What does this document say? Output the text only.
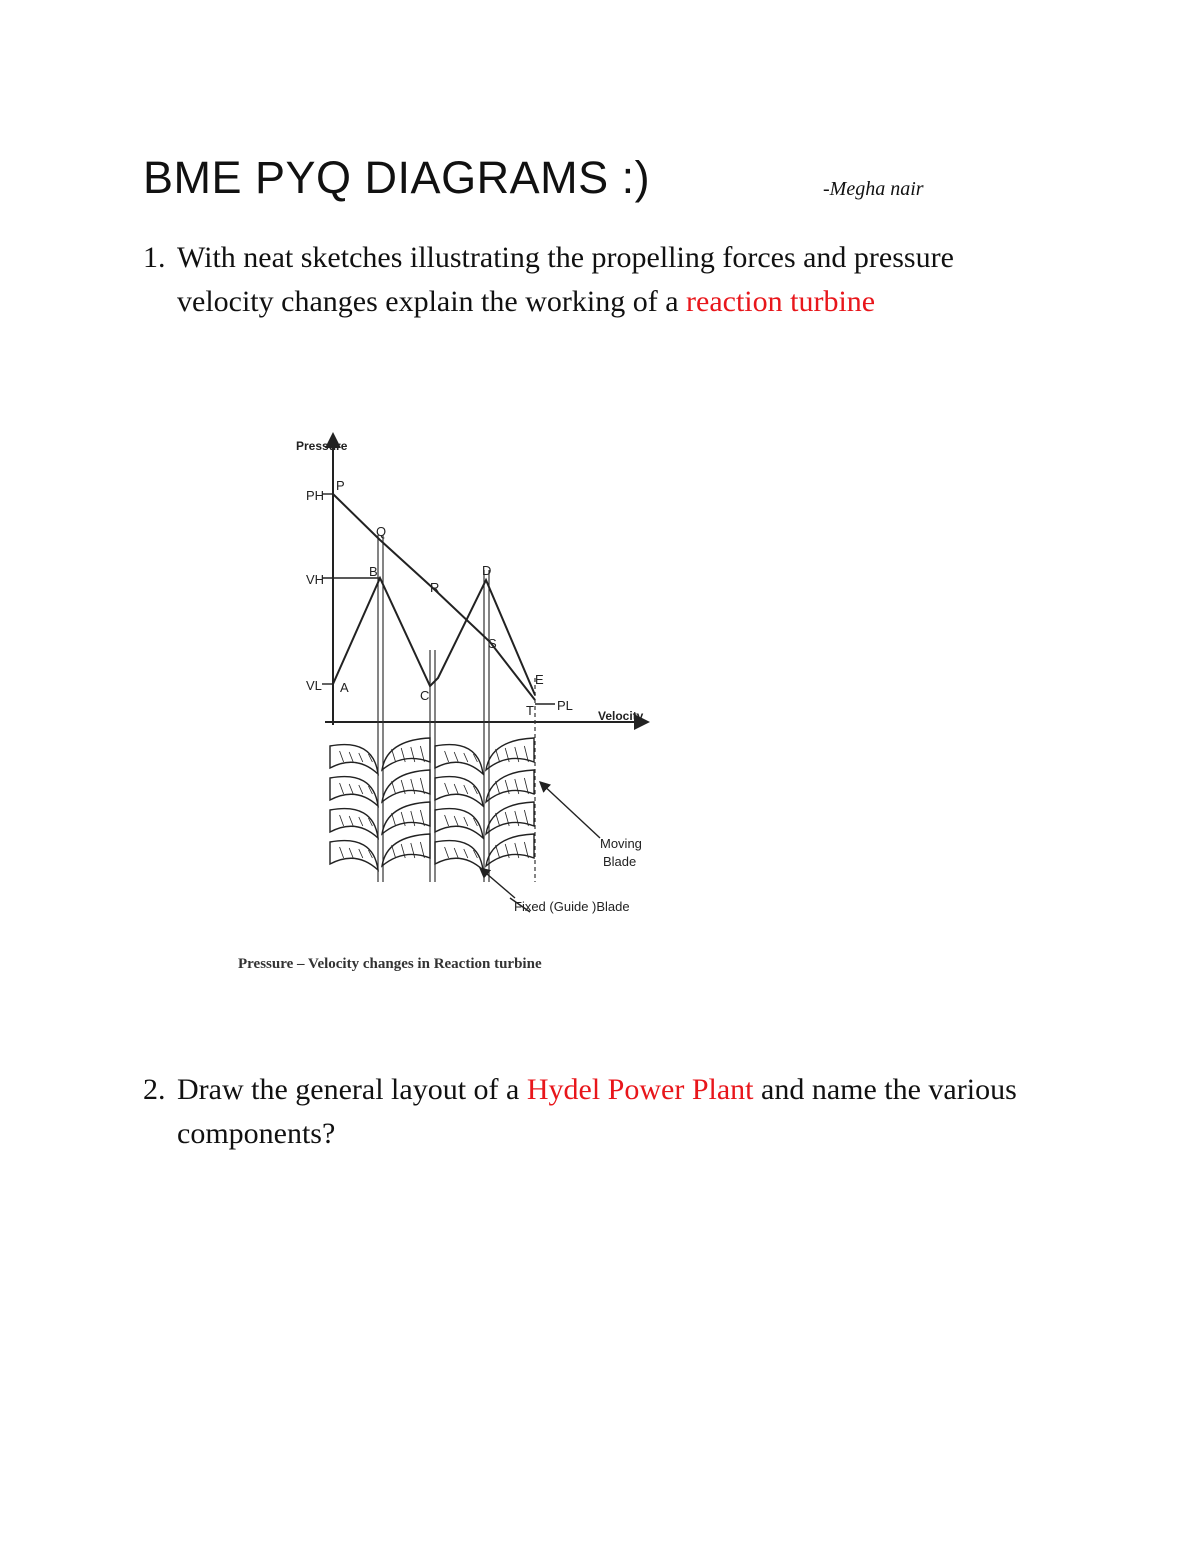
BME PYQ DIAGRAMS :)	-Megha nair
1. With neat sketches illustrating the propelling forces and pressure velocity changes explain the working of a reaction turbine
Pressure
Velocity
PH
VH
VL
PL
P
Q
R
S
T
A
B
C
D
E
Moving
Blade
Fixed (Guide )Blade
Pressure – Velocity changes in Reaction turbine
2. Draw the general layout of a Hydel Power Plant and name the various components?
